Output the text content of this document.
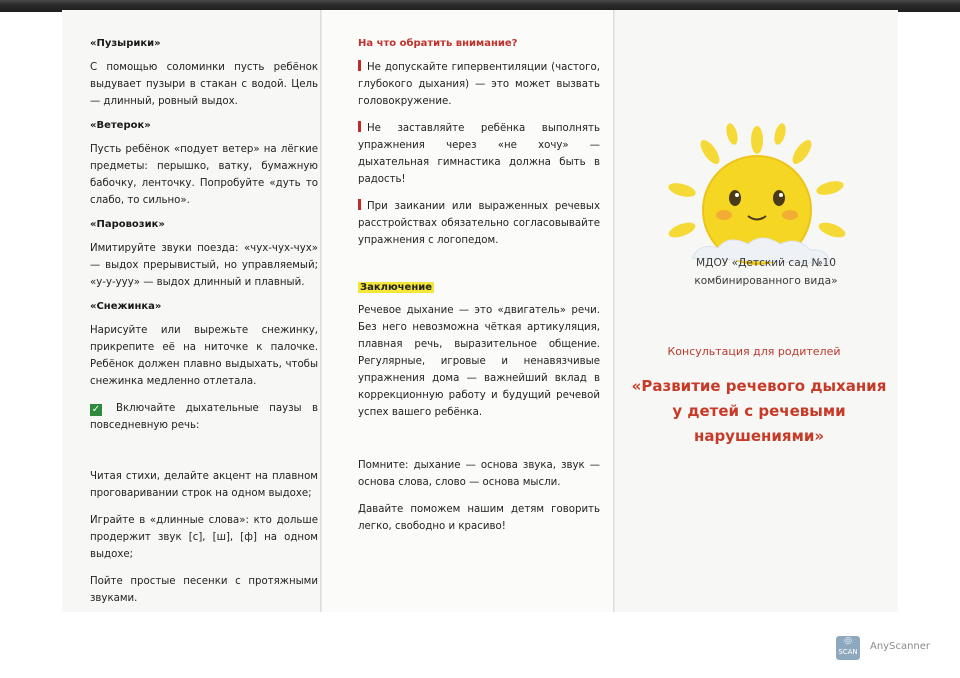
«Пузырики»

С помощью соломинки пусть ребёнок выдувает пузыри в стакан с водой. Цель — длинный, ровный выдох.

«Ветерок»

Пусть ребёнок «подует ветер» на лёгкие предметы: перышко, ватку, бумажную бабочку, ленточку. Попробуйте «дуть то слабо, то сильно».

«Паровозик»

Имитируйте звуки поезда: «чух-чух-чух» — выдох прерывистый, но управляемый; «у-у-ууу» — выдох длинный и плавный.

«Снежинка»

Нарисуйте или вырежьте снежинку, прикрепите её на ниточке к палочке. Ребёнок должен плавно выдыхать, чтобы снежинка медленно отлетала.

✓ Включайте дыхательные паузы в повседневную речь:

Читая стихи, делайте акцент на плавном проговаривании строк на одном выдохе;

Играйте в «длинные слова»: кто дольше продержит звук [с], [ш], [ф] на одном выдохе;

Пойте простые песенки с протяжными звуками.

На что обратить внимание?

Не допускайте гипервентиляции (частого, глубокого дыхания) — это может вызвать головокружение.

Не заставляйте ребёнка выполнять упражнения через «не хочу» — дыхательная гимнастика должна быть в радость!

При заикании или выраженных речевых расстройствах обязательно согласовывайте упражнения с логопедом.

Заключение

Речевое дыхание — это «двигатель» речи. Без него невозможна чёткая артикуляция, плавная речь, выразительное общение. Регулярные, игровые и ненавязчивые упражнения дома — важнейший вклад в коррекционную работу и будущий речевой успех вашего ребёнка.

Помните: дыхание — основа звука, звук — основа слова, слово — основа мысли.

Давайте поможем нашим детям говорить легко, свободно и красиво!

МДОУ «Детский сад №10
комбинированного вида»
Консультация для родителей
«Развитие речевого дыхания
у детей с речевыми
нарушениями»
◎
SCAN AnyScanner
